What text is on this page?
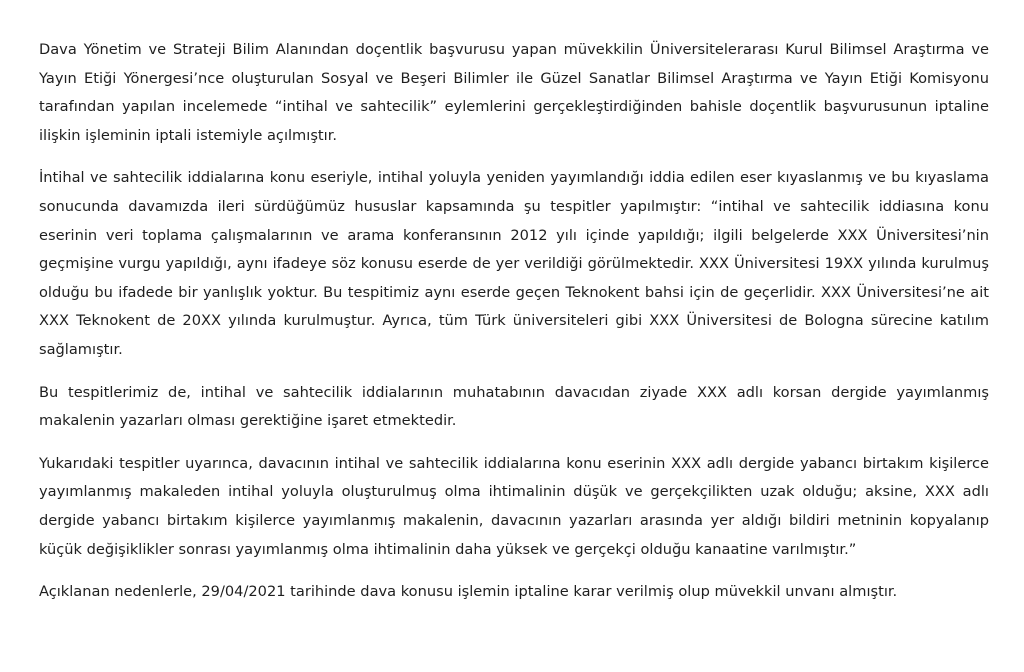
Dava Yönetim ve Strateji Bilim Alanından doçentlik başvurusu yapan müvekkilin Üniversitelerarası Kurul Bilimsel Araştırma ve Yayın Etiği Yönergesi’nce oluşturulan Sosyal ve Beşeri Bilimler ile Güzel Sanatlar Bilimsel Araştırma ve Yayın Etiği Komisyonu tarafından yapılan incelemede “intihal ve sahtecilik” eylemlerini gerçekleştirdiğinden bahisle doçentlik başvurusunun iptaline ilişkin işleminin iptali istemiyle açılmıştır.

İntihal ve sahtecilik iddialarına konu eseriyle, intihal yoluyla yeniden yayımlandığı iddia edilen eser kıyaslanmış ve bu kıyaslama sonucunda davamızda ileri sürdüğümüz hususlar kapsamında şu tespitler yapılmıştır: “intihal ve sahtecilik iddiasına konu eserinin veri toplama çalışmalarının ve arama konferansının 2012 yılı içinde yapıldığı; ilgili belgelerde XXX Üniversitesi’nin geçmişine vurgu yapıldığı, aynı ifadeye söz konusu eserde de yer verildiği görülmektedir. XXX Üniversitesi 19XX yılında kurulmuş olduğu bu ifadede bir yanlışlık yoktur. Bu tespitimiz aynı eserde geçen Teknokent bahsi için de geçerlidir. XXX Üniversitesi’ne ait XXX Teknokent de 20XX yılında kurulmuştur. Ayrıca, tüm Türk üniversiteleri gibi XXX Üniversitesi de Bologna sürecine katılım sağlamıştır.

Bu tespitlerimiz de, intihal ve sahtecilik iddialarının muhatabının davacıdan ziyade XXX adlı korsan dergide yayımlanmış makalenin yazarları olması gerektiğine işaret etmektedir.

Yukarıdaki tespitler uyarınca, davacının intihal ve sahtecilik iddialarına konu eserinin XXX adlı dergide yabancı birtakım kişilerce yayımlanmış makaleden intihal yoluyla oluşturulmuş olma ihtimalinin düşük ve gerçekçilikten uzak olduğu; aksine, XXX adlı dergide yabancı birtakım kişilerce yayımlanmış makalenin, davacının yazarları arasında yer aldığı bildiri metninin kopyalanıp küçük değişiklikler sonrası yayımlanmış olma ihtimalinin daha yüksek ve gerçekçi olduğu kanaatine varılmıştır.”

Açıklanan nedenlerle, 29/04/2021 tarihinde dava konusu işlemin iptaline karar verilmiş olup müvekkil unvanı almıştır.
